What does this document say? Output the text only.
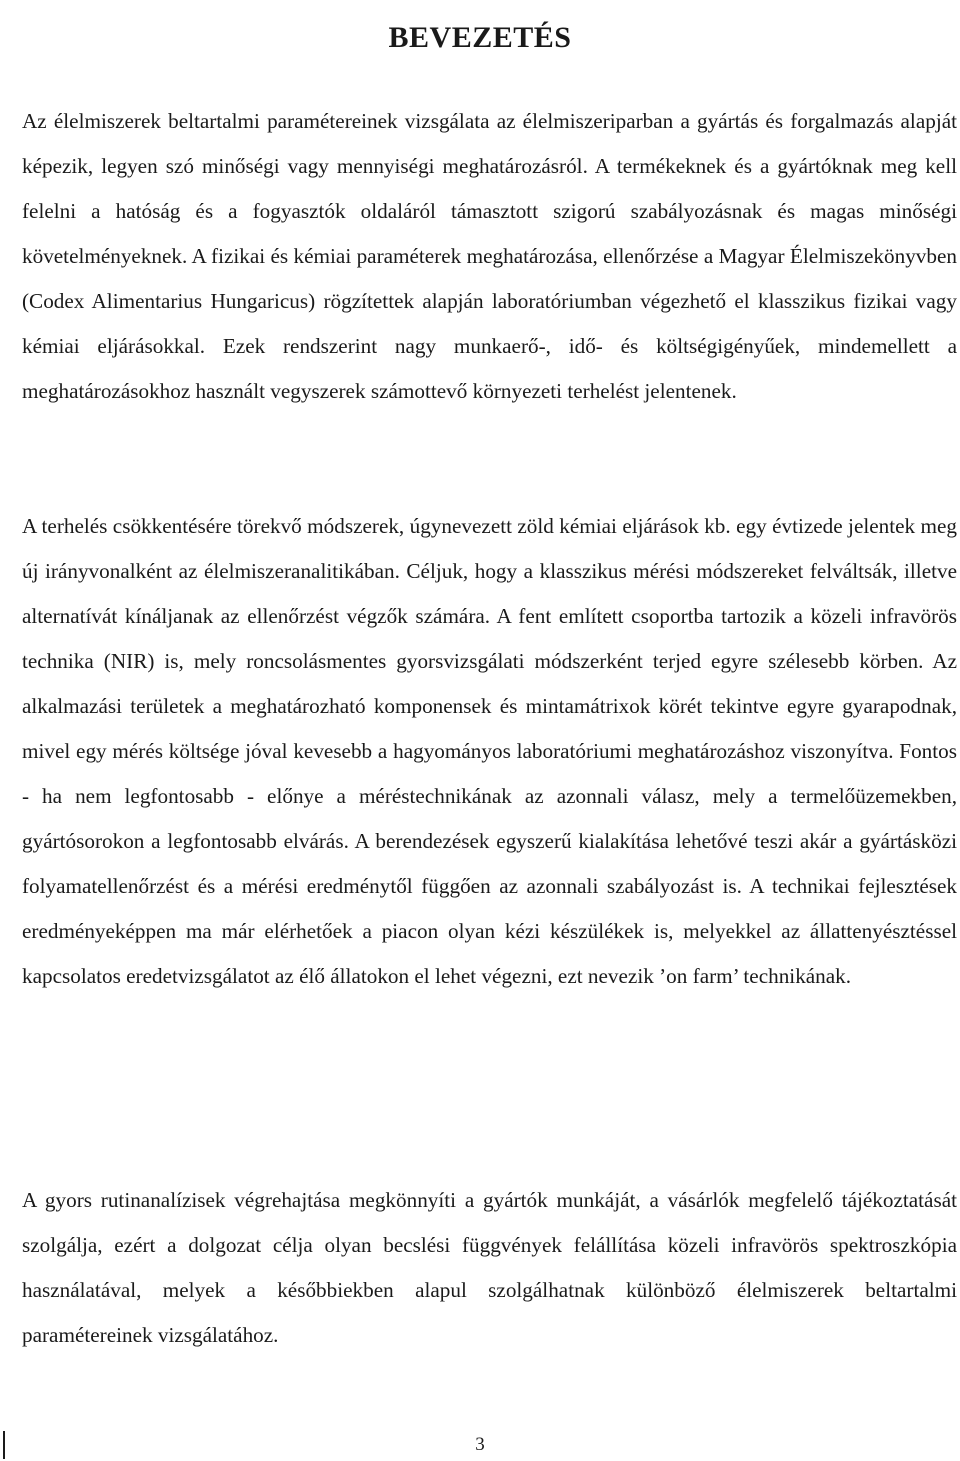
BEVEZETÉS

Az élelmiszerek beltartalmi paramétereinek vizsgálata az élelmiszeriparban a gyártás és forgalmazás alapját képezik, legyen szó minőségi vagy mennyiségi meghatározásról. A termékeknek és a gyártóknak meg kell felelni a hatóság és a fogyasztók oldaláról támasztott szigorú szabályozásnak és magas minőségi követelményeknek. A fizikai és kémiai paraméterek meghatározása, ellenőrzése a Magyar Élelmiszekönyvben (Codex Alimentarius Hungaricus) rögzítettek alapján laboratóriumban végezhető el klasszikus fizikai vagy kémiai eljárásokkal. Ezek rendszerint nagy munkaerő-, idő- és költségigényűek, mindemellett a meghatározásokhoz használt vegyszerek számottevő környezeti terhelést jelentenek.

A terhelés csökkentésére törekvő módszerek, úgynevezett zöld kémiai eljárások kb. egy évtizede jelentek meg új irányvonalként az élelmiszeranalitikában. Céljuk, hogy a klasszikus mérési módszereket felváltsák, illetve alternatívát kínáljanak az ellenőrzést végzők számára. A fent említett csoportba tartozik a közeli infravörös technika (NIR) is, mely roncsolásmentes gyorsvizsgálati módszerként terjed egyre szélesebb körben. Az alkalmazási területek a meghatározható komponensek és mintamátrixok körét tekintve egyre gyarapodnak, mivel egy mérés költsége jóval kevesebb a hagyományos laboratóriumi meghatározáshoz viszonyítva. Fontos - ha nem legfontosabb - előnye a méréstechnikának az azonnali válasz, mely a termelőüzemekben, gyártósorokon a legfontosabb elvárás. A berendezések egyszerű kialakítása lehetővé teszi akár a gyártásközi folyamatellenőrzést és a mérési eredménytől függően az azonnali szabályozást is. A technikai fejlesztések eredményeképpen ma már elérhetőek a piacon olyan kézi készülékek is, melyekkel az állattenyésztéssel kapcsolatos eredetvizsgálatot az élő állatokon el lehet végezni, ezt nevezik ’on farm’ technikának.

A gyors rutinanalízisek végrehajtása megkönnyíti a gyártók munkáját, a vásárlók megfelelő tájékoztatását szolgálja, ezért a dolgozat célja olyan becslési függvények felállítása közeli infravörös spektroszkópia használatával, melyek a későbbiekben alapul szolgálhatnak különböző élelmiszerek beltartalmi paramétereinek vizsgálatához.

3
